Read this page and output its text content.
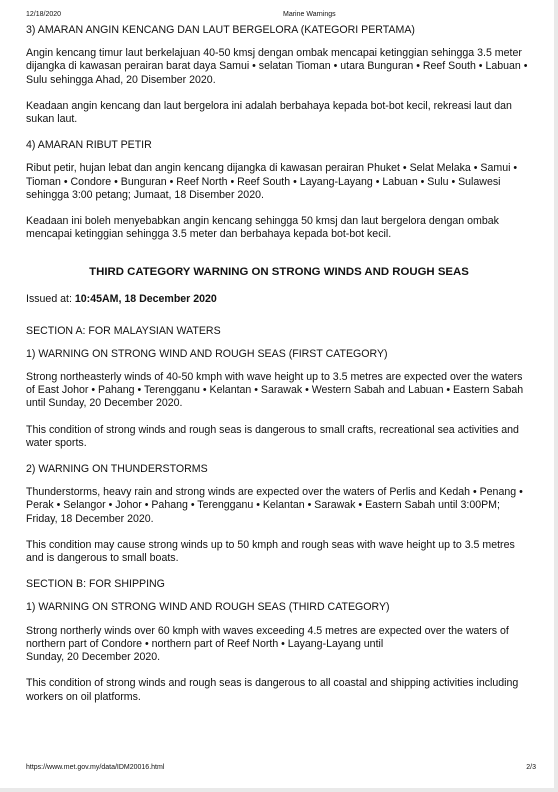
12/18/2020	Marine Warnings

3) AMARAN ANGIN KENCANG DAN LAUT BERGELORA (KATEGORI PERTAMA)

Angin kencang timur laut berkelajuan 40-50 kmsj dengan ombak mencapai ketinggian sehingga 3.5 meter dijangka di kawasan perairan barat daya Samui • selatan Tioman • utara Bunguran • Reef South • Labuan • Sulu sehingga Ahad, 20 Disember 2020.

Keadaan angin kencang dan laut bergelora ini adalah berbahaya kepada bot-bot kecil, rekreasi laut dan sukan laut.

4) AMARAN RIBUT PETIR

Ribut petir, hujan lebat dan angin kencang dijangka di kawasan perairan Phuket • Selat Melaka • Samui • Tioman • Condore • Bunguran • Reef North • Reef South • Layang-Layang • Labuan • Sulu • Sulawesi sehingga 3:00 petang; Jumaat, 18 Disember 2020.

Keadaan ini boleh menyebabkan angin kencang sehingga 50 kmsj dan laut bergelora dengan ombak mencapai ketinggian sehingga 3.5 meter dan berbahaya kepada bot-bot kecil.

THIRD CATEGORY WARNING ON STRONG WINDS AND ROUGH SEAS

Issued at: 10:45AM, 18 December 2020

SECTION A: FOR MALAYSIAN WATERS

1) WARNING ON STRONG WIND AND ROUGH SEAS (FIRST CATEGORY)

Strong northeasterly winds of 40-50 kmph with wave height up to 3.5 metres are expected over the waters of East Johor • Pahang • Terengganu • Kelantan • Sarawak • Western Sabah and Labuan • Eastern Sabah until Sunday, 20 December 2020.

This condition of strong winds and rough seas is dangerous to small crafts, recreational sea activities and water sports.

2) WARNING ON THUNDERSTORMS

Thunderstorms, heavy rain and strong winds are expected over the waters of Perlis and Kedah • Penang • Perak • Selangor • Johor • Pahang • Terengganu • Kelantan • Sarawak • Eastern Sabah until 3:00PM; Friday, 18 December 2020.

This condition may cause strong winds up to 50 kmph and rough seas with wave height up to 3.5 metres and is dangerous to small boats.

SECTION B: FOR SHIPPING

1) WARNING ON STRONG WIND AND ROUGH SEAS (THIRD CATEGORY)

Strong northerly winds over 60 kmph with waves exceeding 4.5 metres are expected over the waters of northern part of Condore • northern part of Reef North • Layang-Layang until
Sunday, 20 December 2020.

This condition of strong winds and rough seas is dangerous to all coastal and shipping activities including workers on oil platforms.

https://www.met.gov.my/data/IDM20016.html	2/3
